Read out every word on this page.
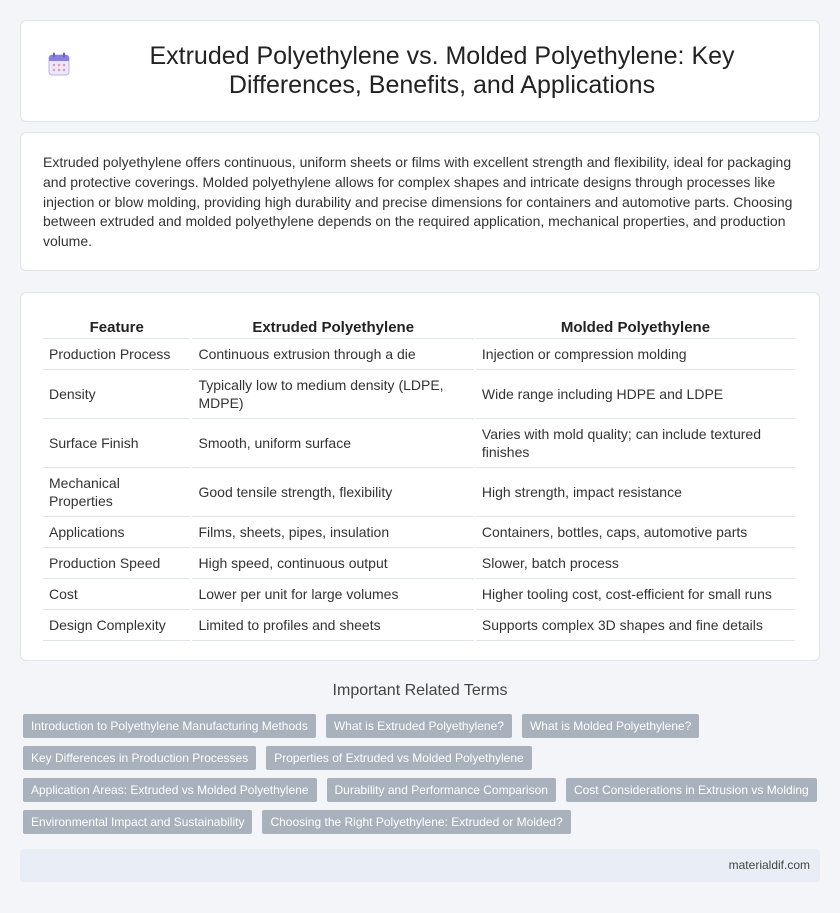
Extruded Polyethylene vs. Molded Polyethylene: Key Differences, Benefits, and Applications

Extruded polyethylene offers continuous, uniform sheets or films with excellent strength and flexibility, ideal for packaging and protective coverings. Molded polyethylene allows for complex shapes and intricate designs through processes like injection or blow molding, providing high durability and precise dimensions for containers and automotive parts. Choosing between extruded and molded polyethylene depends on the required application, mechanical properties, and production volume.

Feature	Extruded Polyethylene	Molded Polyethylene
Production Process	Continuous extrusion through a die	Injection or compression molding
Density	Typically low to medium density (LDPE, MDPE)	Wide range including HDPE and LDPE
Surface Finish	Smooth, uniform surface	Varies with mold quality; can include textured finishes
Mechanical Properties	Good tensile strength, flexibility	High strength, impact resistance
Applications	Films, sheets, pipes, insulation	Containers, bottles, caps, automotive parts
Production Speed	High speed, continuous output	Slower, batch process
Cost	Lower per unit for large volumes	Higher tooling cost, cost-efficient for small runs
Design Complexity	Limited to profiles and sheets	Supports complex 3D shapes and fine details
Important Related Terms
Introduction to Polyethylene Manufacturing Methods	What is Extruded Polyethylene?	What is Molded Polyethylene?
Key Differences in Production Processes	Properties of Extruded vs Molded Polyethylene
Application Areas: Extruded vs Molded Polyethylene	Durability and Performance Comparison	Cost Considerations in Extrusion vs Molding
Environmental Impact and Sustainability	Choosing the Right Polyethylene: Extruded or Molded?
materialdif.com
